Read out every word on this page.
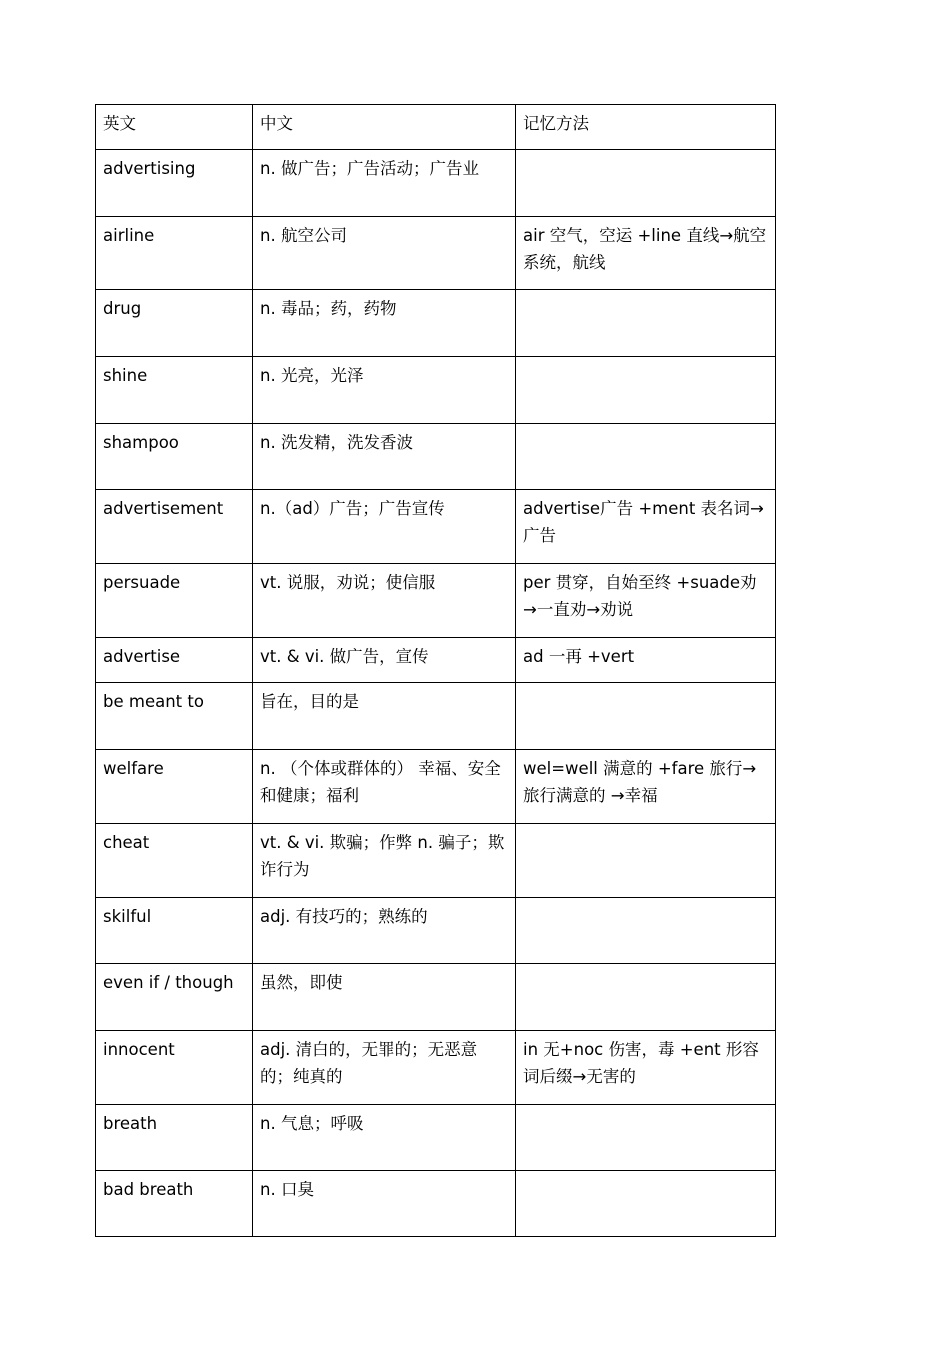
英文	中文	记忆方法
advertising	n. 做广告；广告活动；广告业	
airline	n. 航空公司	air 空气，空运 +line 直线→航空系统，航线
drug	n. 毒品；药，药物	
shine	n. 光亮，光泽	
shampoo	n. 洗发精，洗发香波	
advertisement	n.（ad）广告；广告宣传	advertise广告 +ment 表名词→广告
persuade	vt. 说服，劝说；使信服	per 贯穿，自始至终 +suade劝→一直劝→劝说
advertise	vt. & vi. 做广告，宣传	ad 一再 +vert
be meant to	旨在，目的是	
welfare	n. （个体或群体的） 幸福、安全和健康；福利	wel=well 满意的 +fare 旅行→旅行满意的 →幸福
cheat	vt. & vi. 欺骗；作弊 n. 骗子；欺诈行为	
skilful	adj. 有技巧的；熟练的	
even if / though	虽然，即使	
innocent	adj. 清白的，无罪的；无恶意的；纯真的	in 无+noc 伤害，毒 +ent 形容词后缀→无害的
breath	n. 气息；呼吸	
bad breath	n. 口臭	
